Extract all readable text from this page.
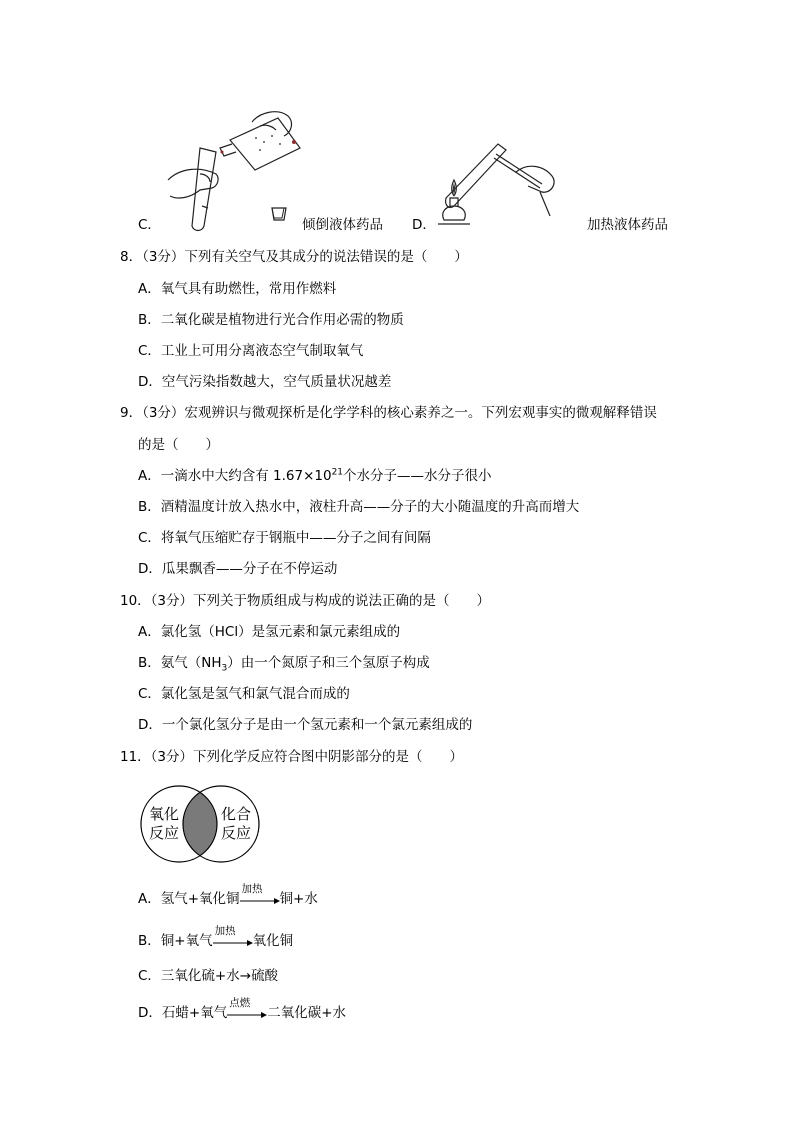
C．	倾倒液体药品 D．	加热液体药品
8．（3分）下列有关空气及其成分的说法错误的是（　　）
A．氧气具有助燃性，常用作燃料
B．二氧化碳是植物进行光合作用必需的物质
C．工业上可用分离液态空气制取氧气
D．空气污染指数越大，空气质量状况越差
9．（3分）宏观辨识与微观探析是化学学科的核心素养之一。下列宏观事实的微观解释错误
的是（　　）
A．一滴水中大约含有 $1.67\times 10^{21}$个水分子——水分子很小
B．酒精温度计放入热水中，液柱升高——分子的大小随温度的升高而增大
C．将氧气压缩贮存于钢瓶中——分子之间有间隔
D．瓜果飘香——分子在不停运动
10．（3分）下列关于物质组成与构成的说法正确的是（　　）
A．氯化氢（HCl）是氢元素和氯元素组成的
B．氨气$(NH_3)$由一个氮原子和三个氢原子构成
C．氯化氢是氢气和氯气混合而成的
D．一个氯化氢分子是由一个氢元素和一个氯元素组成的
11．（3分）下列化学反应符合图中阴影部分的是（　　）
氧化
反应
化合
反应
A．氢气+氧化铜
加热
铜+水
B．铜+氧气
加热
氧化铜
C．三氧化硫+水→硫酸
D．石蜡+氧气
点燃
二氧化碳+水
